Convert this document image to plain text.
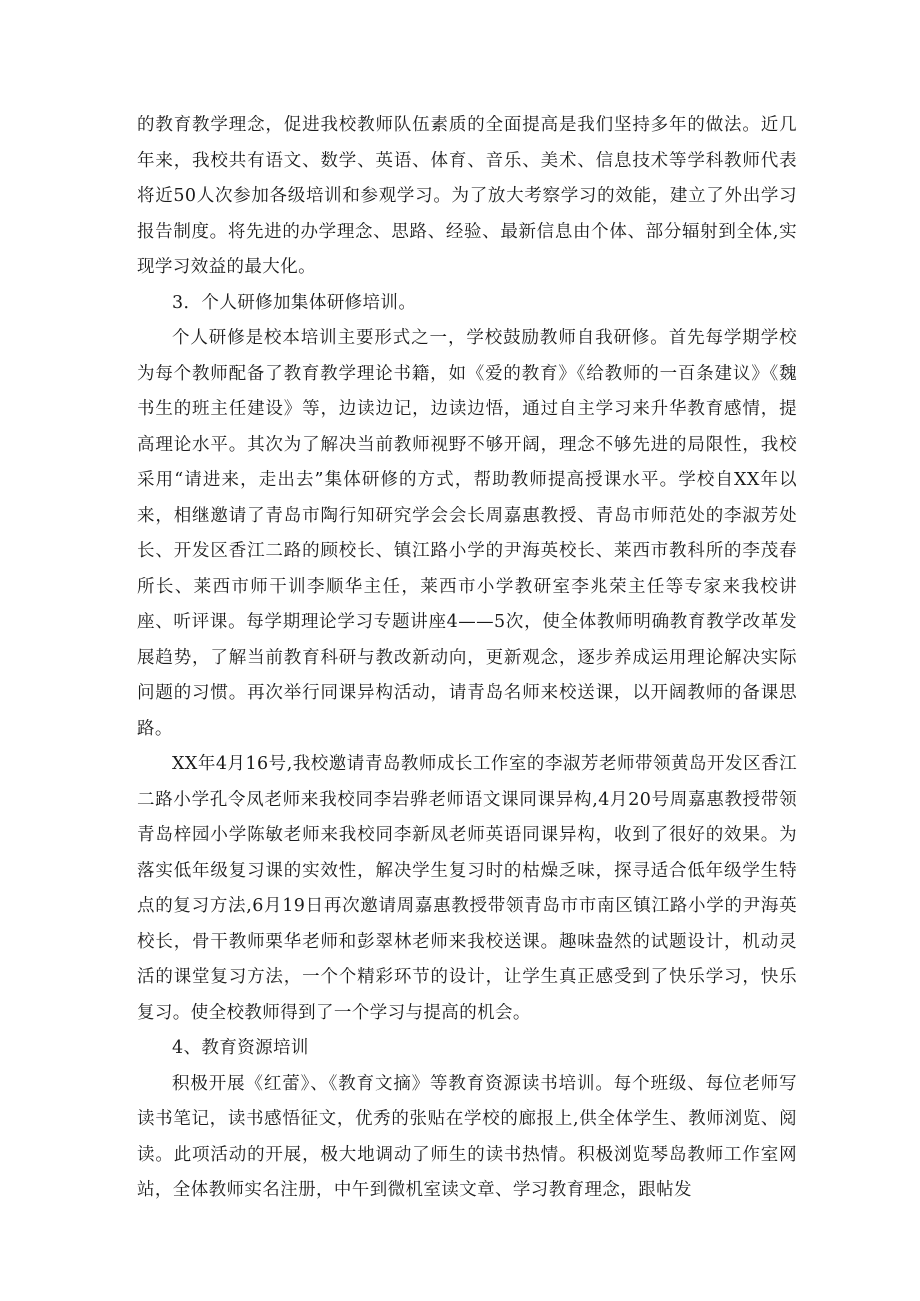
的教育教学理念，促进我校教师队伍素质的全面提高是我们坚持多年的做法。近几年来，我校共有语文、数学、英语、体育、音乐、美术、信息技术等学科教师代表将近50人次参加各级培训和参观学习。为了放大考察学习的效能，建立了外出学习报告制度。将先进的办学理念、思路、经验、最新信息由个体、部分辐射到全体,实现学习效益的最大化。

3．个人研修加集体研修培训。

个人研修是校本培训主要形式之一，学校鼓励教师自我研修。首先每学期学校为每个教师配备了教育教学理论书籍，如《爱的教育》《给教师的一百条建议》《魏书生的班主任建设》等，边读边记，边读边悟，通过自主学习来升华教育感情，提高理论水平。其次为了解决当前教师视野不够开阔，理念不够先进的局限性，我校采用“请进来，走出去”集体研修的方式，帮助教师提高授课水平。学校自XX年以来，相继邀请了青岛市陶行知研究学会会长周嘉惠教授、青岛市师范处的李淑芳处长、开发区香江二路的顾校长、镇江路小学的尹海英校长、莱西市教科所的李茂春所长、莱西市师干训李顺华主任，莱西市小学教研室李兆荣主任等专家来我校讲座、听评课。每学期理论学习专题讲座4——5次，使全体教师明确教育教学改革发展趋势，了解当前教育科研与教改新动向，更新观念，逐步养成运用理论解决实际问题的习惯。再次举行同课异构活动，请青岛名师来校送课，以开阔教师的备课思路。

XX年4月16号,我校邀请青岛教师成长工作室的李淑芳老师带领黄岛开发区香江二路小学孔令凤老师来我校同李岩骅老师语文课同课异构,4月20号周嘉惠教授带领青岛梓园小学陈敏老师来我校同李新凤老师英语同课异构，收到了很好的效果。为落实低年级复习课的实效性，解决学生复习时的枯燥乏味，探寻适合低年级学生特点的复习方法,6月19日再次邀请周嘉惠教授带领青岛市市南区镇江路小学的尹海英校长，骨干教师栗华老师和彭翠林老师来我校送课。趣味盎然的试题设计，机动灵活的课堂复习方法，一个个精彩环节的设计，让学生真正感受到了快乐学习，快乐复习。使全校教师得到了一个学习与提高的机会。

4、教育资源培训

积极开展《红蕾》、《教育文摘》等教育资源读书培训。每个班级、每位老师写读书笔记，读书感悟征文，优秀的张贴在学校的廊报上,供全体学生、教师浏览、阅读。此项活动的开展，极大地调动了师生的读书热情。积极浏览琴岛教师工作室网站，全体教师实名注册，中午到微机室读文章、学习教育理念，跟帖发
